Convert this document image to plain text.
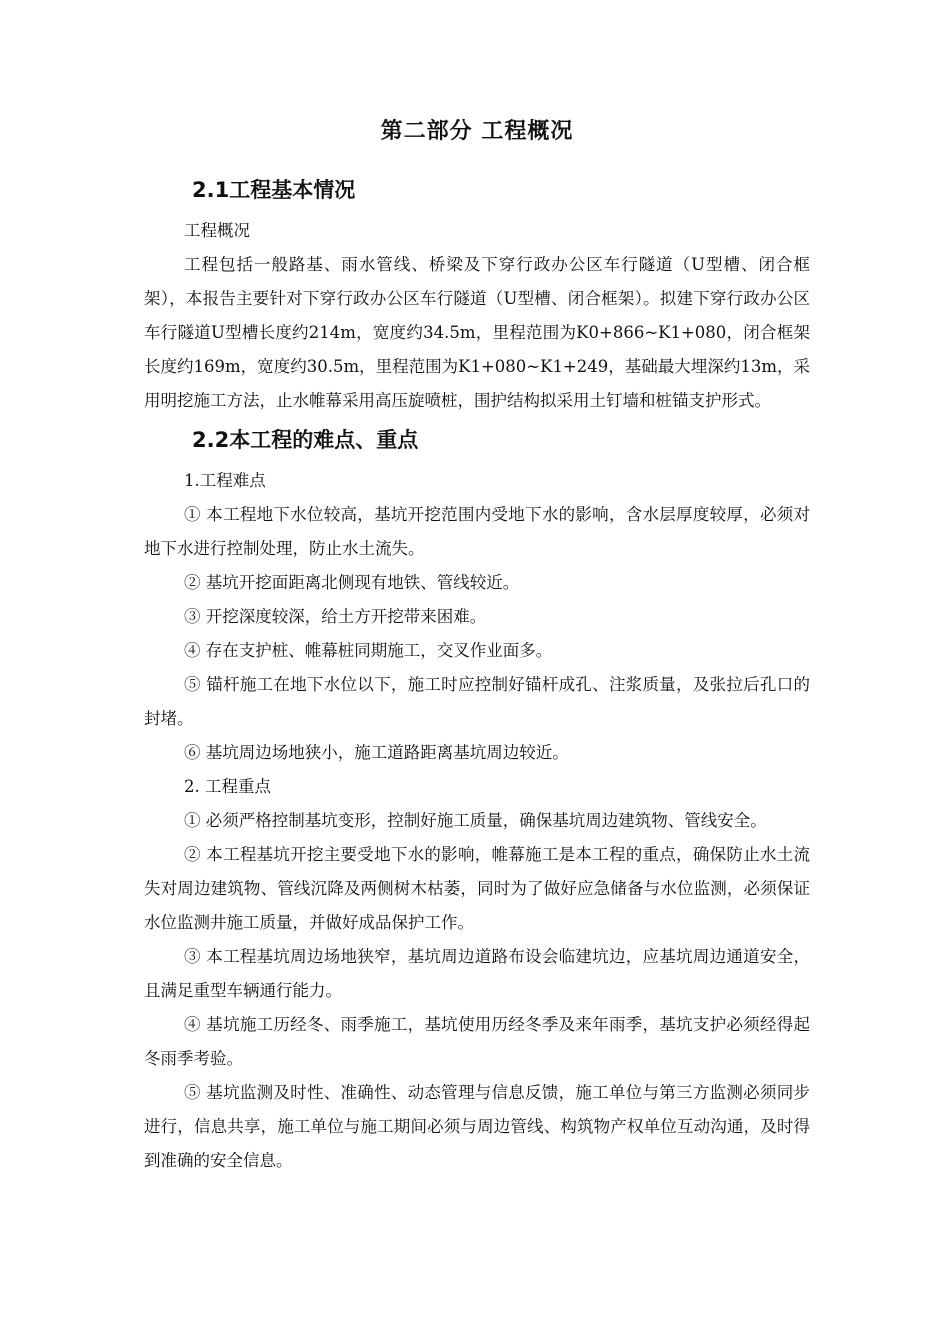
第二部分 工程概况
2.1工程基本情况
工程概况

工程包括一般路基、雨水管线、桥梁及下穿行政办公区车行隧道（U型槽、闭合框架），本报告主要针对下穿行政办公区车行隧道（U型槽、闭合框架）。拟建下穿行政办公区车行隧道U型槽长度约214m，宽度约34.5m，里程范围为K0+866~K1+080，闭合框架长度约169m，宽度约30.5m，里程范围为K1+080~K1+249，基础最大埋深约13m，采用明挖施工方法，止水帷幕采用高压旋喷桩，围护结构拟采用土钉墙和桩锚支护形式。

2.2本工程的难点、重点
1.工程难点

① 本工程地下水位较高，基坑开挖范围内受地下水的影响，含水层厚度较厚，必须对地下水进行控制处理，防止水土流失。

② 基坑开挖面距离北侧现有地铁、管线较近。

③ 开挖深度较深，给土方开挖带来困难。

④ 存在支护桩、帷幕桩同期施工，交叉作业面多。

⑤ 锚杆施工在地下水位以下，施工时应控制好锚杆成孔、注浆质量，及张拉后孔口的封堵。

⑥ 基坑周边场地狭小，施工道路距离基坑周边较近。

2. 工程重点

① 必须严格控制基坑变形，控制好施工质量，确保基坑周边建筑物、管线安全。

② 本工程基坑开挖主要受地下水的影响，帷幕施工是本工程的重点，确保防止水土流失对周边建筑物、管线沉降及两侧树木枯萎，同时为了做好应急储备与水位监测，必须保证水位监测井施工质量，并做好成品保护工作。

③ 本工程基坑周边场地狭窄，基坑周边道路布设会临建坑边，应基坑周边通道安全，且满足重型车辆通行能力。

④ 基坑施工历经冬、雨季施工，基坑使用历经冬季及来年雨季，基坑支护必须经得起冬雨季考验。

⑤ 基坑监测及时性、准确性、动态管理与信息反馈，施工单位与第三方监测必须同步进行，信息共享，施工单位与施工期间必须与周边管线、构筑物产权单位互动沟通，及时得到准确的安全信息。
